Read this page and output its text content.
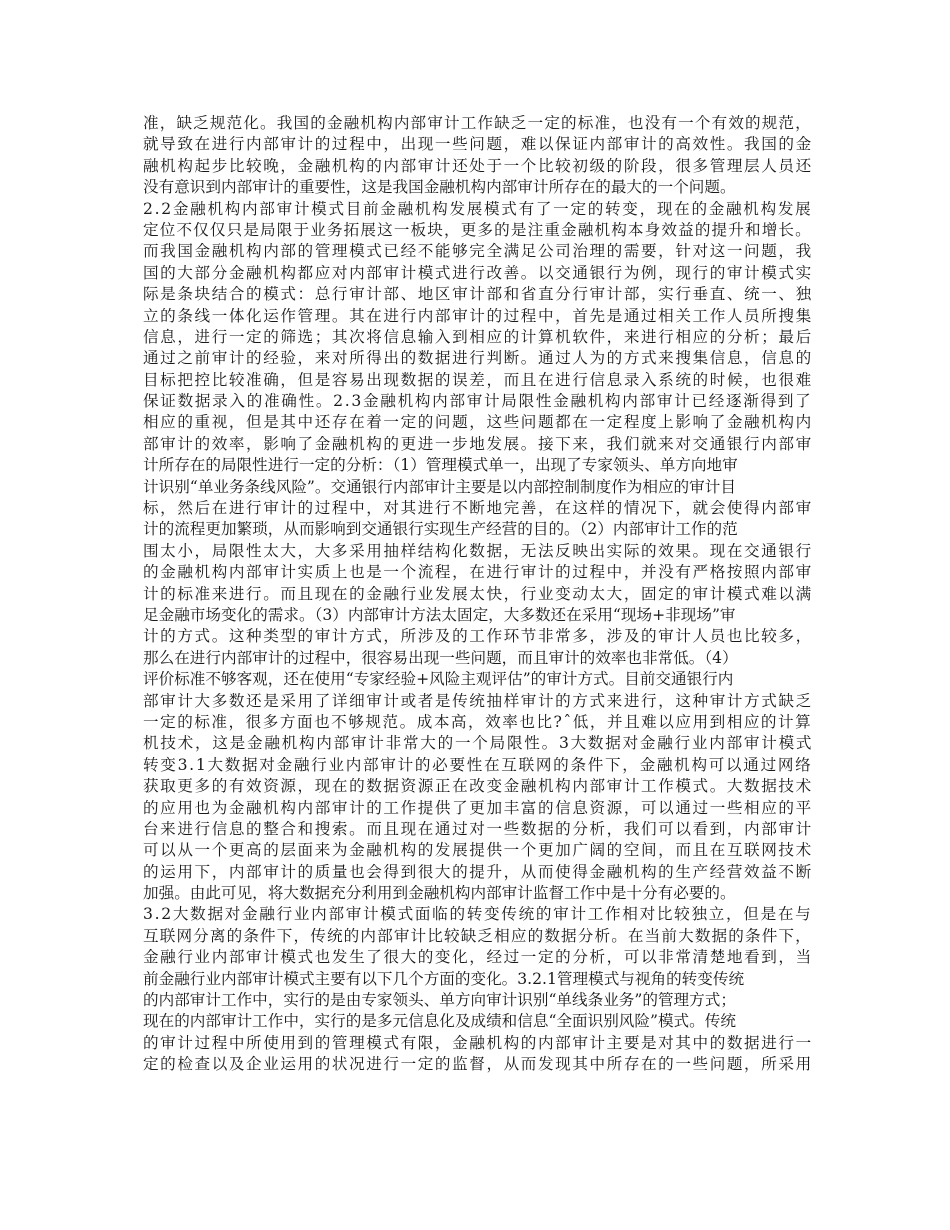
准，缺乏规范化。我国的金融机构内部审计工作缺乏一定的标准，也没有一个有效的规范，
就导致在进行内部审计的过程中，出现一些问题，难以保证内部审计的高效性。我国的金
融机构起步比较晚，金融机构的内部审计还处于一个比较初级的阶段，很多管理层人员还
没有意识到内部审计的重要性，这是我国金融机构内部审计所存在的最大的一个问题。
2.2金融机构内部审计模式目前金融机构发展模式有了一定的转变，现在的金融机构发展
定位不仅仅只是局限于业务拓展这一板块，更多的是注重金融机构本身效益的提升和增长。
而我国金融机构内部的管理模式已经不能够完全满足公司治理的需要，针对这一问题，我
国的大部分金融机构都应对内部审计模式进行改善。以交通银行为例，现行的审计模式实
际是条块结合的模式：总行审计部、地区审计部和省直分行审计部，实行垂直、统一、独
立的条线一体化运作管理。其在进行内部审计的过程中，首先是通过相关工作人员所搜集
信息，进行一定的筛选；其次将信息输入到相应的计算机软件，来进行相应的分析；最后
通过之前审计的经验，来对所得出的数据进行判断。通过人为的方式来搜集信息，信息的
目标把控比较准确，但是容易出现数据的误差，而且在进行信息录入系统的时候，也很难
保证数据录入的准确性。2.3金融机构内部审计局限性金融机构内部审计已经逐渐得到了
相应的重视，但是其中还存在着一定的问题，这些问题都在一定程度上影响了金融机构内
部审计的效率，影响了金融机构的更进一步地发展。接下来，我们就来对交通银行内部审
计所存在的局限性进行一定的分析：（1）管理模式单一，出现了专家领头、单方向地审
计识别“单业务条线风险”。交通银行内部审计主要是以内部控制制度作为相应的审计目
标，然后在进行审计的过程中，对其进行不断地完善，在这样的情况下，就会使得内部审
计的流程更加繁琐，从而影响到交通银行实现生产经营的目的。（2）内部审计工作的范
围太小，局限性太大，大多采用抽样结构化数据，无法反映出实际的效果。现在交通银行
的金融机构内部审计实质上也是一个流程，在进行审计的过程中，并没有严格按照内部审
计的标准来进行。而且现在的金融行业发展太快，行业变动太大，固定的审计模式难以满
足金融市场变化的需求。（3）内部审计方法太固定，大多数还在采用“现场+非现场”审
计的方式。这种类型的审计方式，所涉及的工作环节非常多，涉及的审计人员也比较多，
那么在进行内部审计的过程中，很容易出现一些问题，而且审计的效率也非常低。（4）
评价标准不够客观，还在使用“专家经验+风险主观评估”的审计方式。目前交通银行内
部审计大多数还是采用了详细审计或者是传统抽样审计的方式来进行，这种审计方式缺乏
一定的标准，很多方面也不够规范。成本高，效率也比?ˆ低，并且难以应用到相应的计算
机技术，这是金融机构内部审计非常大的一个局限性。3大数据对金融行业内部审计模式
转变3.1大数据对金融行业内部审计的必要性在互联网的条件下，金融机构可以通过网络
获取更多的有效资源，现在的数据资源正在改变金融机构内部审计工作模式。大数据技术
的应用也为金融机构内部审计的工作提供了更加丰富的信息资源，可以通过一些相应的平
台来进行信息的整合和搜索。而且现在通过对一些数据的分析，我们可以看到，内部审计
可以从一个更高的层面来为金融机构的发展提供一个更加广阔的空间，而且在互联网技术
的运用下，内部审计的质量也会得到很大的提升，从而使得金融机构的生产经营效益不断
加强。由此可见，将大数据充分利用到金融机构内部审计监督工作中是十分有必要的。
3.2大数据对金融行业内部审计模式面临的转变传统的审计工作相对比较独立，但是在与
互联网分离的条件下，传统的内部审计比较缺乏相应的数据分析。在当前大数据的条件下，
金融行业内部审计模式也发生了很大的变化，经过一定的分析，可以非常清楚地看到，当
前金融行业内部审计模式主要有以下几个方面的变化。3.2.1管理模式与视角的转变传统
的内部审计工作中，实行的是由专家领头、单方向审计识别“单线条业务”的管理方式；
现在的内部审计工作中，实行的是多元信息化及成绩和信息“全面识别风险”模式。传统
的审计过程中所使用到的管理模式有限，金融机构的内部审计主要是对其中的数据进行一
定的检查以及企业运用的状况进行一定的监督，从而发现其中所存在的一些问题，所采用
